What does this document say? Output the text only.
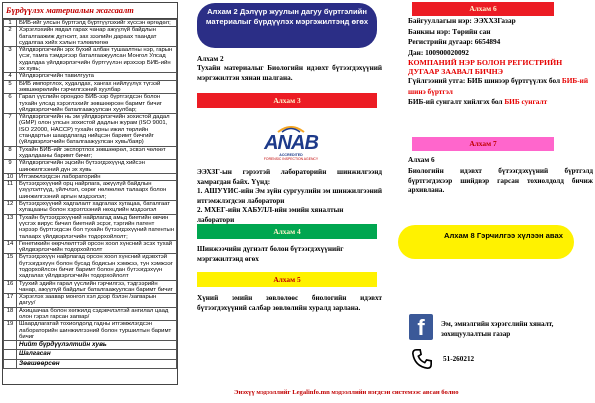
Бүрдүүлэх материалын жагсаалт
1	БИБ-ийг улсын бүртгэлд бүртгүүлэхийг хүссэн өргөдөл;
2	Хэрэглэхийн явдал гарах чанар ажүүлүй байдлын баталгаажиж дүгнэлт, зах зээлийн дарааx таандат судалгаа хийх хэлын тэлөвлөгөө
3	Үйлдвэрлэгчийн эрх бүхий албан тушаалтны нэр, гарын үсэг, тамга тэмдэгээр баталгаажуулсан Монгол Улсад худалдаа үйлдвэрлэгчийн бүртгүүлэн ирэхээр БИБ-ийн эх хувь;
4	Үйлдвэрлэгчийн тавилгууга
5	БИБ импортлох, худалдах, хангах нийлүүлүх түгээй зөвшөөрөлийн гэрчилгээний хуулбар
6	Гарал үүслийн орондоо БИБ-ээр бүртгэгдсэн болон тухайн улсад хэрэглэхийг зөвшөөрсөн баримт бичиг үйлдвэрлэгчийн баталгаажуулсан хуулбар;
7	Үйлдвэрлэгчийн нь эм үйлдвэрлэгчийн зохистой дадал (GMP) олон улсын зохистой дадлын журам (ISO 9001, ISO 22000, HACCP) тухайн орны ижил төрлийн стандартын шаардлагад нийцсэн баримт бичгийг (үйлдвэрлэгчийн баталгаажуулсан хувь/баяр)
8	Тухайн БИБ-ийг экспортлох зөвшөөрөл, эсвэл чөлөөт худалдааны баримт бичиг;
9	Үйлдвэрлэгчийн эцсийн бүтээгдэхүүнд хийсэн шинжилгээний дүн эх хувь
10	Итгэмжлэгдсэн лабораторийн
11	Бүтээгдэхүүний орц найрлага, ажүүлүй байдлын үзүүлэлтүүд, үйлчлэл, сөрөг нөлөөлөл талаарх болон шинжилгээний аргын мэдээлэл;
12	Бүтээгдэхүүний хадгалалт хадгалах хугацаа, баталгаат хугацааны болон хэрэглээний нөхцлийн мэдээлэл
13	Тухайн бүтээгдэхүүний найрлагад амьд биетийн өвчин үүсгэх вирус бичил биетний эсрэг, тэргийн патент нэрээр бүртгэгдсэн бол тухайн бүтээгдэхүүний патентын талаарх үйлдвэрлэгчийн тодорхойлолт;
14	Генетикийн өөрчлөлттэй орсон хоол хүнсний эсэх тухай үйлдвэрлэгчийн тодорхойлолт
15	Бүтээгдэхүүн найрлагад орсон хоол хүнсний идэвхтэй бүтээгдэхүүн болон бусад бодисын хэмжээ, тун хэмжээг тодорхойлсон бичиг баримт болон дан бүтээгдэхүүн хадгалах үйлдвэрлэгчийн тодорхойлолт
16	Туухий эдийн гарал үүслийн гэрчилгээ, тэдгээрийн чанар, ажүүлүй байдлыг баталгаажуулсан баримт бичиг
17	Хэрэглэх заавар монгол хэл дээр бэлэн /загварын дагуу/
18	Ахицаачаа болон хөгжилд сэдэвчлэлтэй ангилал цаад олон гэрэл гарсан загвар/
19	Шаардлагатай тохиолдолд гадны итгэмжлэгдсэн лабораторийн шинжилгээний болон туршилтын баримт бичиг
	Нийт бүрдүүлэлтийн хувь
	Шалгасан
	Зөвшөөрсөн
Алхам 2 Дэлүүр жуулын дагуу бүртгэлийн материалыг бүрдүүлэх мэргэжилтэнд өгөх
Алхам 2
Тухайн материалыг Биологийн идэвхт бүтээгдэхүүний мэргэжилтэн хянан шалгана.
Алхам 3
ANAB
ACCREDITED
FORENSIC INSPECTION AGENCY
ЭЭХЗГ-ын гэрээтэй лабораторийн шинжилгээнд хамрагдан байх. Үүнд:
1. АШУҮИС-ийн Эм зүйн сургуулийн эм шинжилгээний итгэмжлэгдсэн лаборатори
2. МХЕГ-ийн ХАБУЛЛ-ийн эмийн хяналтын лаборатори
Алхам 4
Шинжээчийн дүгнэлт болон бүтээгдэхүүнийг мэргэжилтэнд өгөх
Алхам 5
Хүний эмийн зөвлөлөөс биологийн идэвхт бүтээгдэхүүний салбар зөвлөлийн хуралд зарлана.
Алхам 6
Байгууллагын нэр: ЭЭХХЗГазар
Банкны нэр: Төрийн сан
Регистрийн дугаар: 6654894
Дан: 100900020092
КОМПАНИЙ НЭР БОЛОН РЕГИСТРИЙН ДУГААР ЗААВАЛ БИЧНЭ
Гүйлгээний утга: БИБ шинээр бүртгүүлэх бол БИБ-ий шинэ бүртгэл
БИБ-ий сунгалт хийлгэх бол БИБ сунгалт
Алхам 7
Алхам 6
Биологийн идэвхт бүтээгдэхүүний бүртгэлд бүртгэгдэхээр шийдвэр гарсан тохиолдолд бичиж архивлана.
Алхам 8 Гэрчилгээ хүлээн авах
f	Эм, эмнэлгийн хэрэгслийн хяналт, зохицуулалтын газар
51-260212
Энэхүү мэдээллийг Legalinfo.mn мэдээллийн нэгдсэн системээс авсан болно
